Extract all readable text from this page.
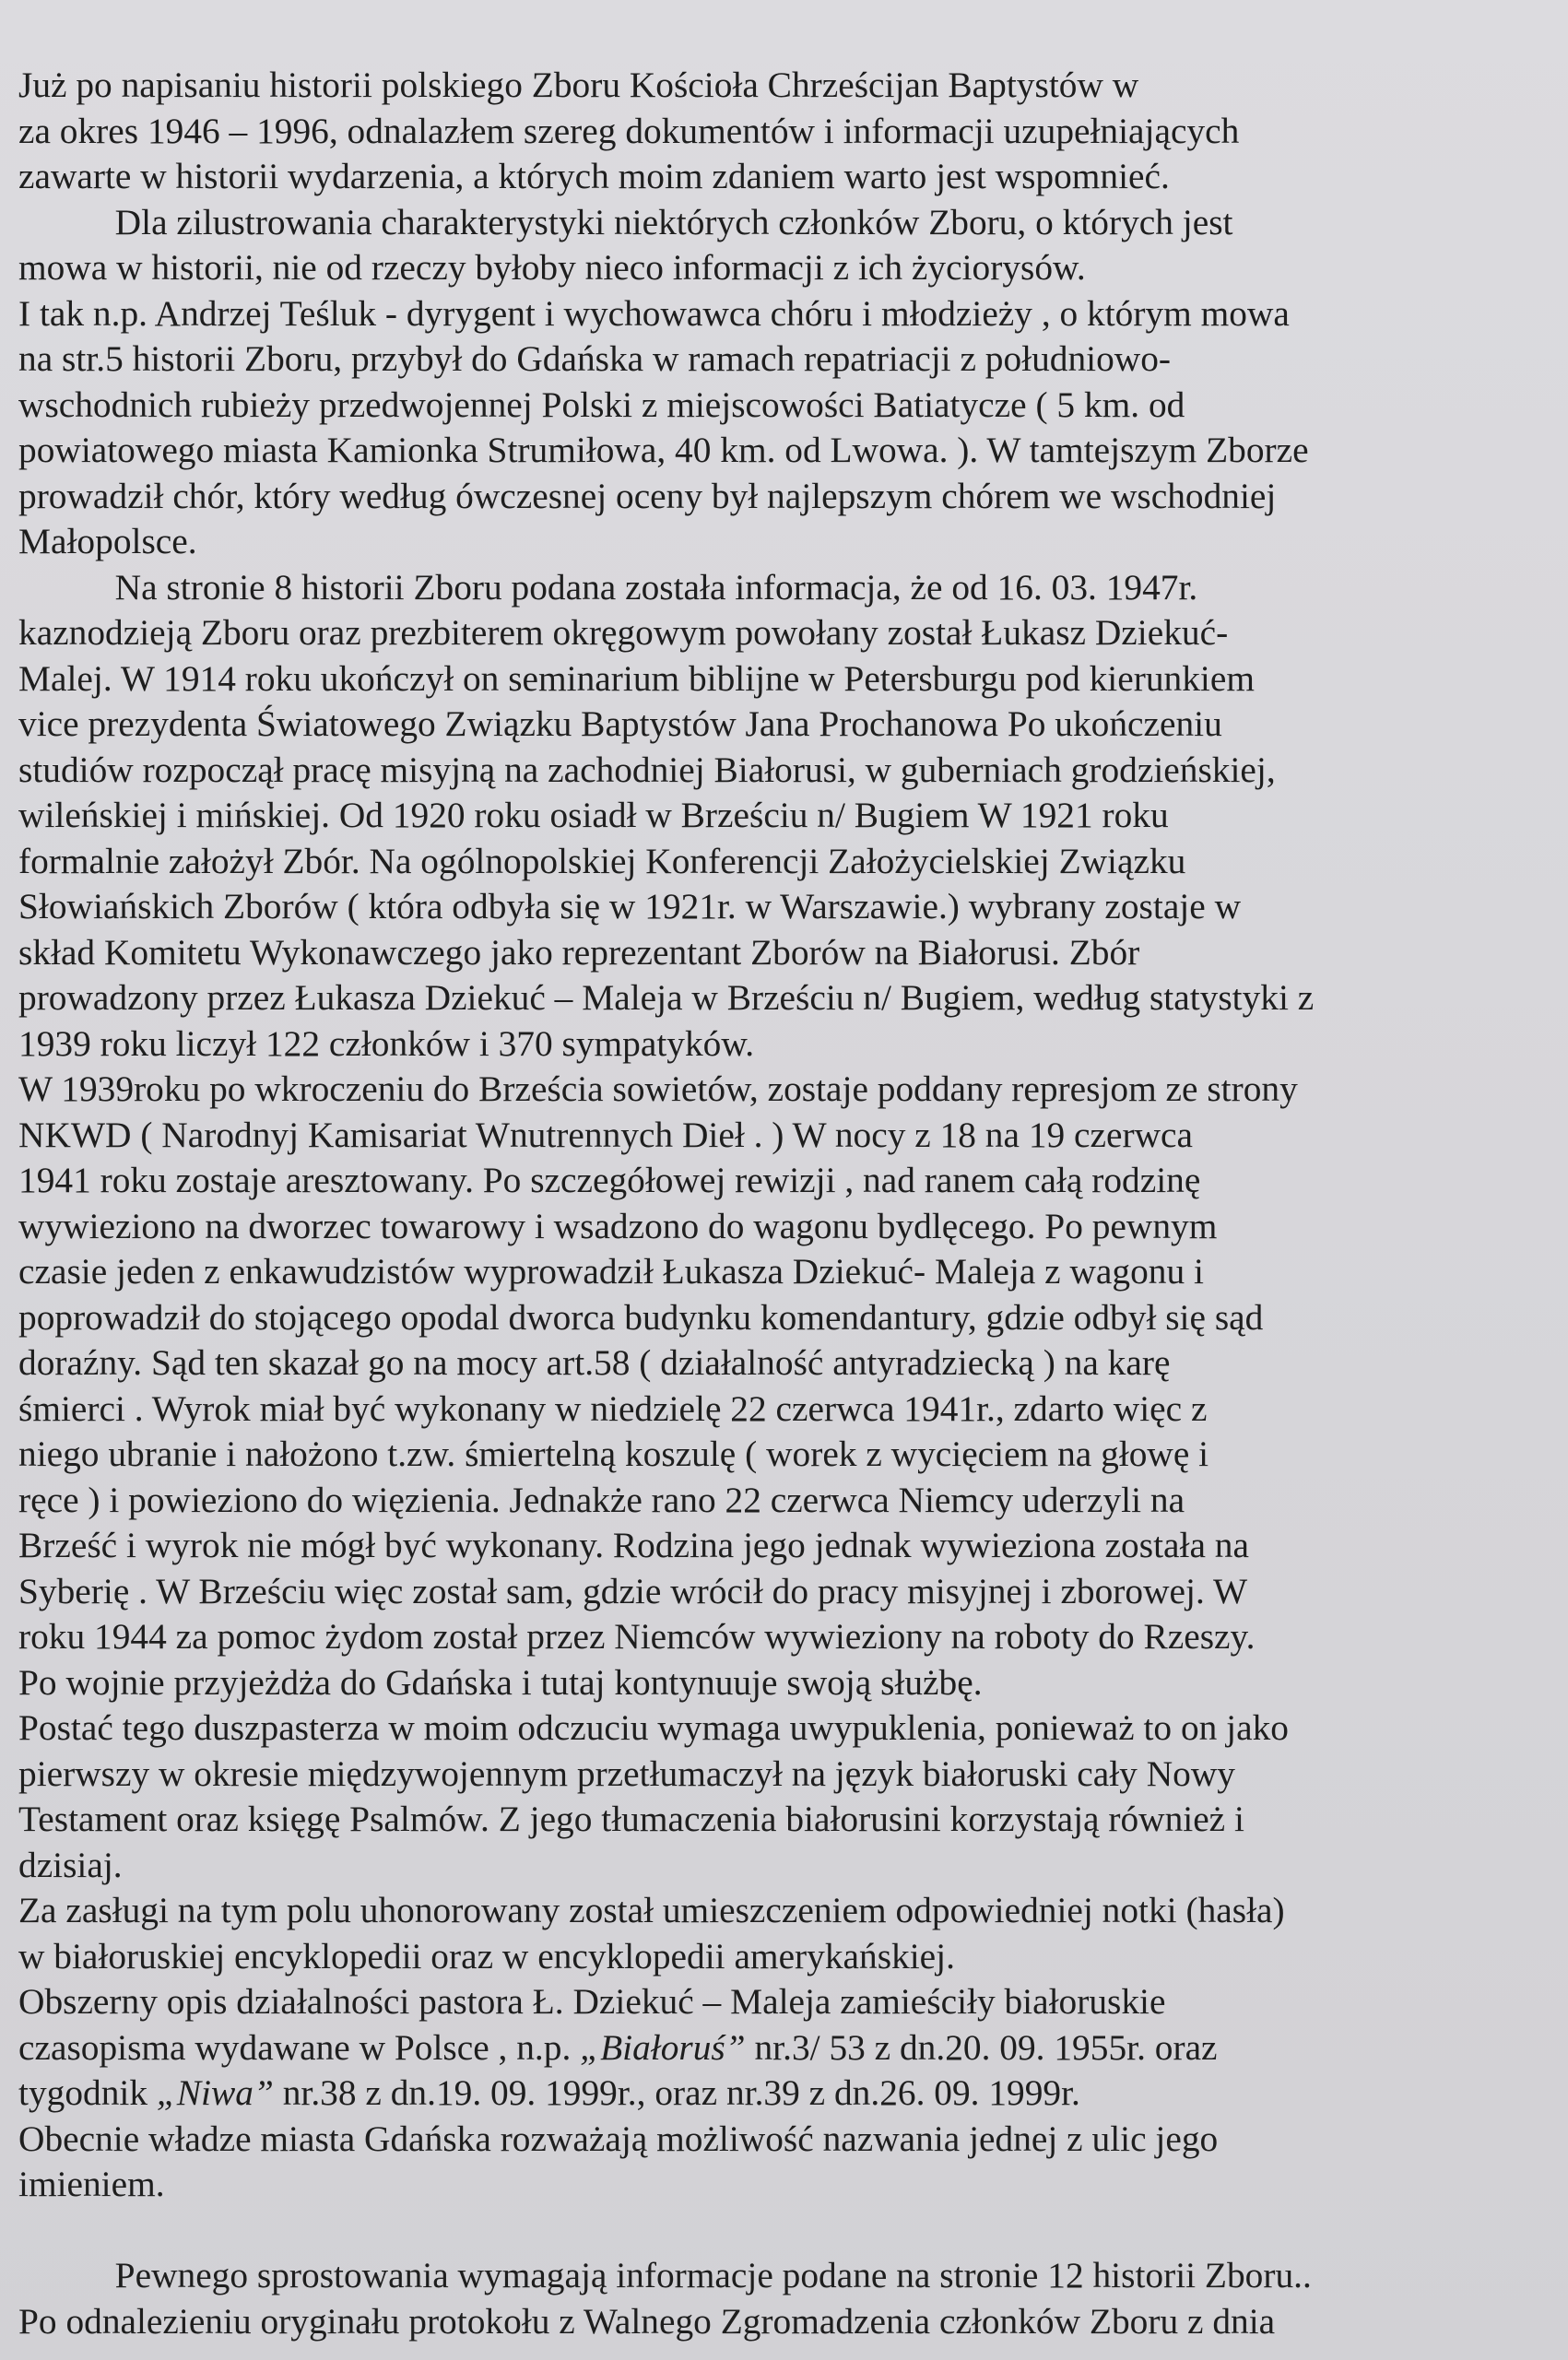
Już po napisaniu historii polskiego Zboru Kościoła Chrześcijan Baptystów w
za okres 1946 – 1996, odnalazłem szereg dokumentów i informacji uzupełniających
zawarte w historii wydarzenia, a których moim zdaniem warto jest wspomnieć.
Dla zilustrowania charakterystyki niektórych członków Zboru, o których jest
mowa w historii, nie od rzeczy byłoby nieco informacji z ich życiorysów.
I tak n.p. Andrzej Teśluk - dyrygent i wychowawca chóru i młodzieży , o którym mowa
na str.5 historii Zboru, przybył do Gdańska w ramach repatriacji z południowo-
wschodnich rubieży przedwojennej Polski z miejscowości Batiatycze ( 5 km. od
powiatowego miasta Kamionka Strumiłowa, 40 km. od Lwowa. ). W tamtejszym Zborze
prowadził chór, który według ówczesnej oceny był najlepszym chórem we wschodniej
Małopolsce.
Na stronie 8 historii Zboru podana została informacja, że od 16. 03. 1947r.
kaznodzieją Zboru oraz prezbiterem okręgowym powołany został Łukasz Dziekuć-
Malej. W 1914 roku ukończył on seminarium biblijne w Petersburgu pod kierunkiem
vice prezydenta Światowego Związku Baptystów Jana Prochanowa Po ukończeniu
studiów rozpoczął pracę misyjną na zachodniej Białorusi, w guberniach grodzieńskiej,
wileńskiej i mińskiej. Od 1920 roku osiadł w Brześciu n/ Bugiem W 1921 roku
formalnie założył Zbór. Na ogólnopolskiej Konferencji Założycielskiej Związku
Słowiańskich Zborów ( która odbyła się w 1921r. w Warszawie.) wybrany zostaje w
skład Komitetu Wykonawczego jako reprezentant Zborów na Białorusi. Zbór
prowadzony przez Łukasza Dziekuć – Maleja w Brześciu n/ Bugiem, według statystyki z
1939 roku liczył 122 członków i 370 sympatyków.
W 1939roku po wkroczeniu do Brześcia sowietów, zostaje poddany represjom ze strony
NKWD ( Narodnyj Kamisariat Wnutrennych Dieł . ) W nocy z 18 na 19 czerwca
1941 roku zostaje aresztowany. Po szczegółowej rewizji , nad ranem całą rodzinę
wywieziono na dworzec towarowy i wsadzono do wagonu bydlęcego. Po pewnym
czasie jeden z enkawudzistów wyprowadził Łukasza Dziekuć- Maleja z wagonu i
poprowadził do stojącego opodal dworca budynku komendantury, gdzie odbył się sąd
doraźny. Sąd ten skazał go na mocy art.58 ( działalność antyradziecką ) na karę
śmierci . Wyrok miał być wykonany w niedzielę 22 czerwca 1941r., zdarto więc z
niego ubranie i nałożono t.zw. śmiertelną koszulę ( worek z wycięciem na głowę i
ręce ) i powieziono do więzienia. Jednakże rano 22 czerwca Niemcy uderzyli na
Brześć i wyrok nie mógł być wykonany. Rodzina jego jednak wywieziona została na
Syberię . W Brześciu więc został sam, gdzie wrócił do pracy misyjnej i zborowej. W
roku 1944 za pomoc żydom został przez Niemców wywieziony na roboty do Rzeszy.
Po wojnie przyjeżdża do Gdańska i tutaj kontynuuje swoją służbę.
Postać tego duszpasterza w moim odczuciu wymaga uwypuklenia, ponieważ to on jako
pierwszy w okresie międzywojennym przetłumaczył na język białoruski cały Nowy
Testament oraz księgę Psalmów. Z jego tłumaczenia białorusini korzystają również i
dzisiaj.
Za zasługi na tym polu uhonorowany został umieszczeniem odpowiedniej notki (hasła)
w białoruskiej encyklopedii oraz w encyklopedii amerykańskiej.
Obszerny opis działalności pastora Ł. Dziekuć – Maleja zamieściły białoruskie
czasopisma wydawane w Polsce , n.p. „Białoruś” nr.3/ 53 z dn.20. 09. 1955r. oraz
tygodnik „Niwa” nr.38 z dn.19. 09. 1999r., oraz nr.39 z dn.26. 09. 1999r.
Obecnie władze miasta Gdańska rozważają możliwość nazwania jednej z ulic jego
imieniem.
Pewnego sprostowania wymagają informacje podane na stronie 12 historii Zboru..
Po odnalezieniu oryginału protokołu z Walnego Zgromadzenia członków Zboru z dnia
